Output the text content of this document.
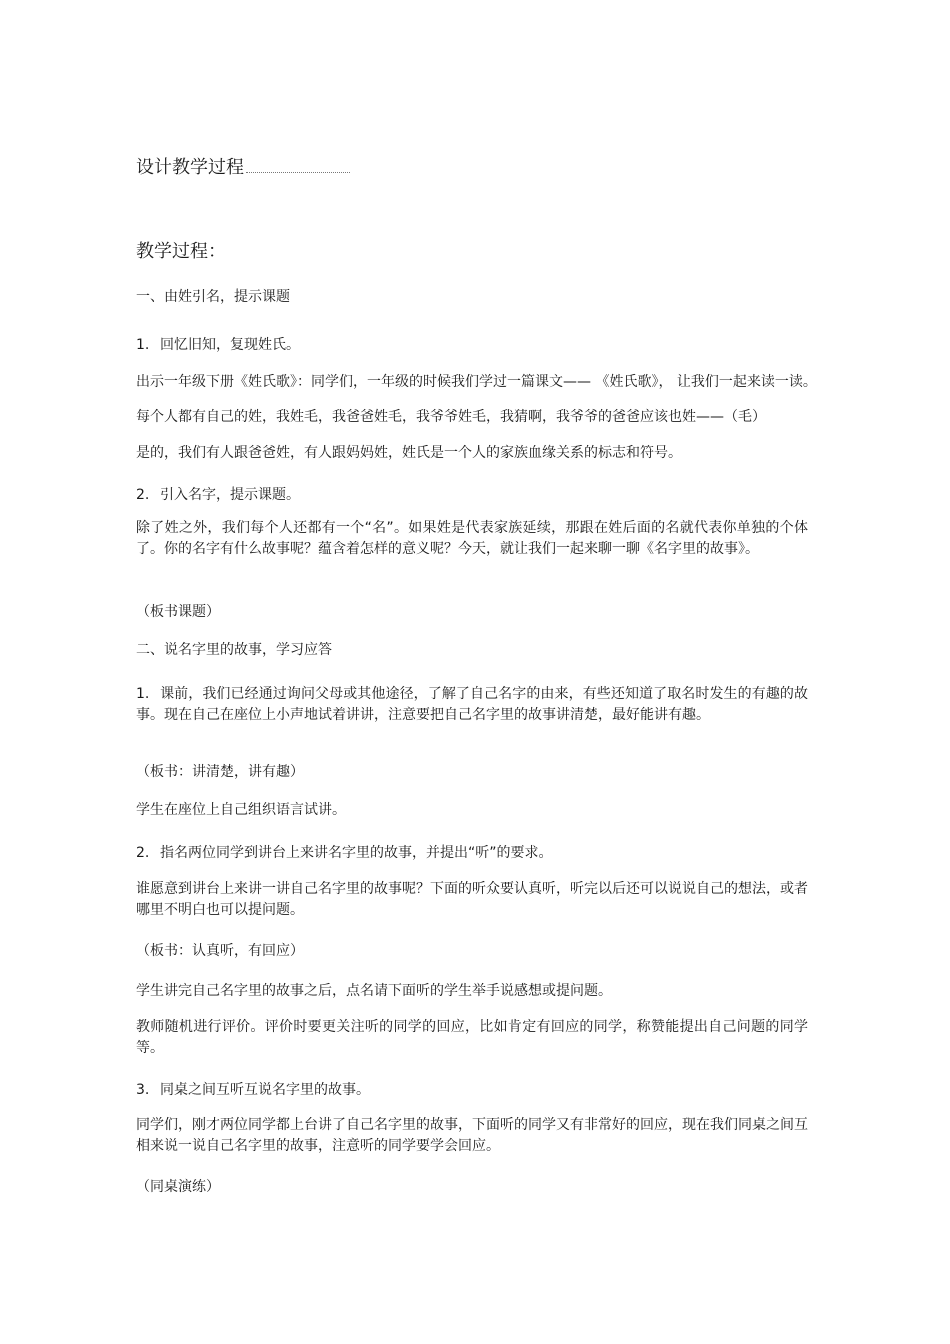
设计教学过程
教学过程：
一、由姓引名，提示课题
1. 回忆旧知，复现姓氏。
出示一年级下册《姓氏歌》：同学们，一年级的时候我们学过一篇课文—— 《姓氏歌》， 让我们一起来读一读。
每个人都有自己的姓，我姓毛，我爸爸姓毛，我爷爷姓毛，我猜啊，我爷爷的爸爸应该也姓——（毛）
是的，我们有人跟爸爸姓，有人跟妈妈姓，姓氏是一个人的家族血缘关系的标志和符号。
2. 引入名字，提示课题。
除了姓之外，我们每个人还都有一个“名”。如果姓是代表家族延续，那跟在姓后面的名就代表你单独的个体了。你的名字有什么故事呢？蕴含着怎样的意义呢？今天，就让我们一起来聊一聊《名字里的故事》。
（板书课题）
二、说名字里的故事，学习应答
1. 课前，我们已经通过询问父母或其他途径，了解了自己名字的由来，有些还知道了取名时发生的有趣的故事。现在自己在座位上小声地试着讲讲，注意要把自己名字里的故事讲清楚，最好能讲有趣。
（板书：讲清楚，讲有趣）
学生在座位上自己组织语言试讲。
2. 指名两位同学到讲台上来讲名字里的故事，并提出“听”的要求。
谁愿意到讲台上来讲一讲自己名字里的故事呢？下面的听众要认真听，听完以后还可以说说自己的想法，或者哪里不明白也可以提问题。
（板书：认真听，有回应）
学生讲完自己名字里的故事之后，点名请下面听的学生举手说感想或提问题。
教师随机进行评价。评价时要更关注听的同学的回应，比如肯定有回应的同学，称赞能提出自己问题的同学等。
3. 同桌之间互听互说名字里的故事。
同学们，刚才两位同学都上台讲了自己名字里的故事，下面听的同学又有非常好的回应，现在我们同桌之间互相来说一说自己名字里的故事，注意听的同学要学会回应。
（同桌演练）
